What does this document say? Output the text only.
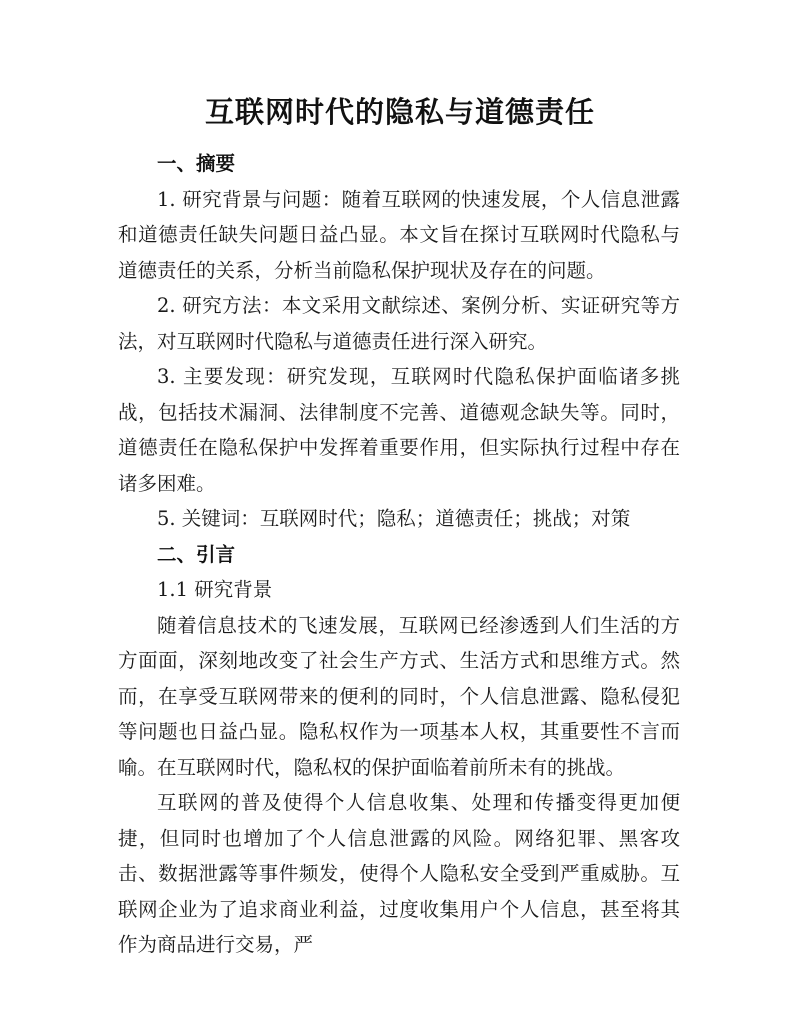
互联网时代的隐私与道德责任
一、摘要

1. 研究背景与问题：随着互联网的快速发展，个人信息泄露和道德责任缺失问题日益凸显。本文旨在探讨互联网时代隐私与道德责任的关系，分析当前隐私保护现状及存在的问题。

2. 研究方法：本文采用文献综述、案例分析、实证研究等方法，对互联网时代隐私与道德责任进行深入研究。

3. 主要发现：研究发现，互联网时代隐私保护面临诸多挑战，包括技术漏洞、法律制度不完善、道德观念缺失等。同时，道德责任在隐私保护中发挥着重要作用，但实际执行过程中存在诸多困难。

5. 关键词：互联网时代；隐私；道德责任；挑战；对策

二、引言

1.1 研究背景

随着信息技术的飞速发展，互联网已经渗透到人们生活的方方面面，深刻地改变了社会生产方式、生活方式和思维方式。然而，在享受互联网带来的便利的同时，个人信息泄露、隐私侵犯等问题也日益凸显。隐私权作为一项基本人权，其重要性不言而喻。在互联网时代，隐私权的保护面临着前所未有的挑战。

互联网的普及使得个人信息收集、处理和传播变得更加便捷，但同时也增加了个人信息泄露的风险。网络犯罪、黑客攻击、数据泄露等事件频发，使得个人隐私安全受到严重威胁。互联网企业为了追求商业利益，过度收集用户个人信息，甚至将其作为商品进行交易，严
